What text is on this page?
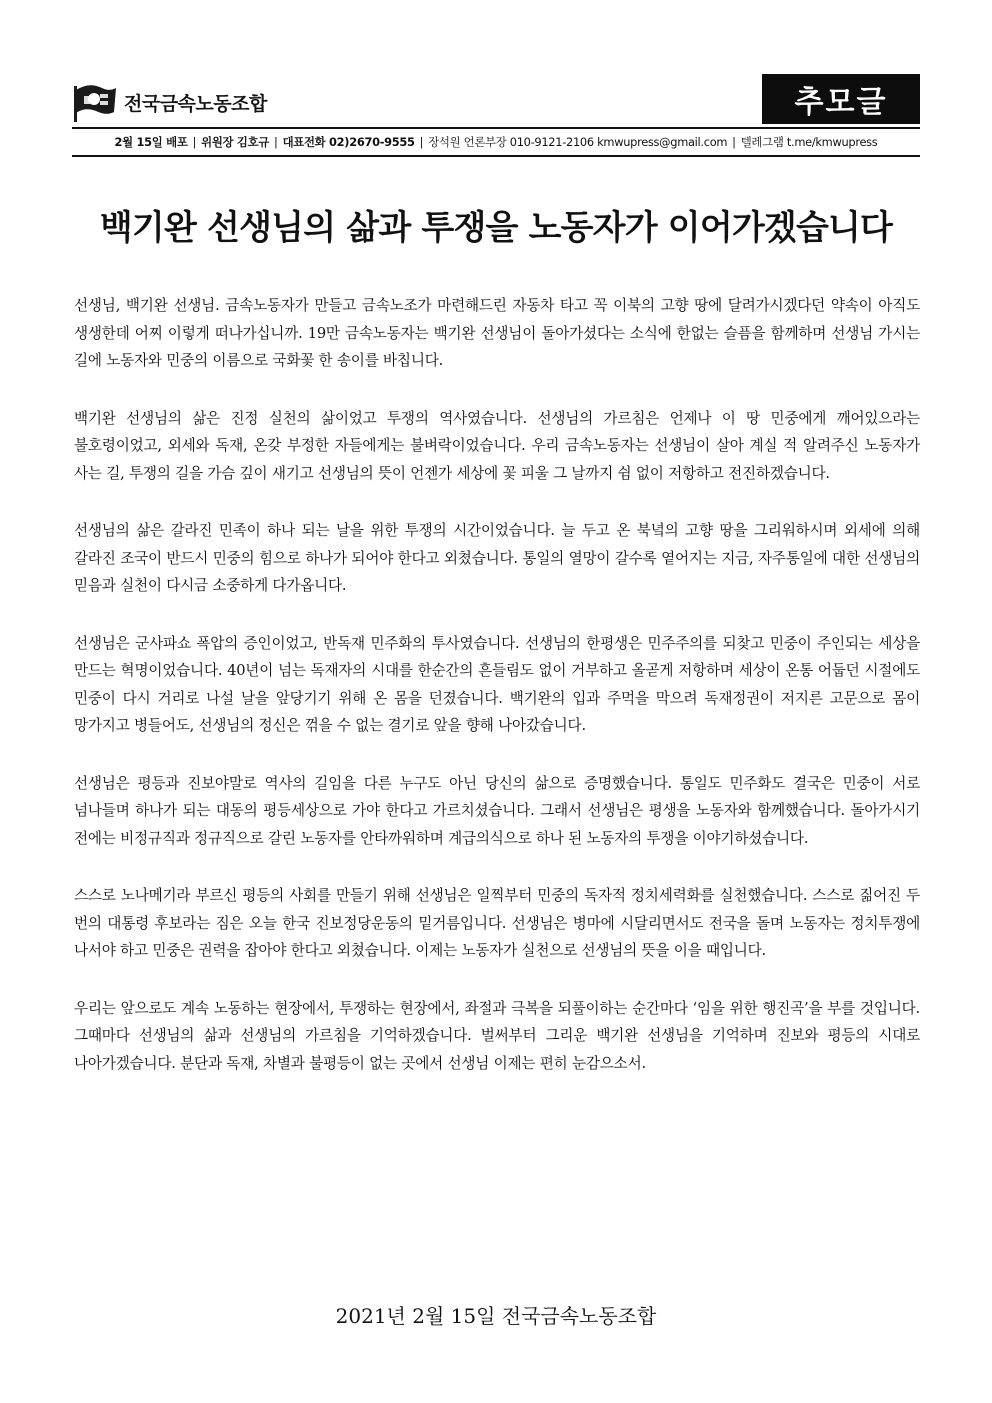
전국금속노동조합	추모글
2월 15일 배포 | 위원장 김호규 | 대표전화 02)2670-9555 | 장석원 언론부장 010-9121-2106 kmwupress@gmail.com | 텔레그램 t.me/kmwupress
백기완 선생님의 삶과 투쟁을 노동자가 이어가겠습니다

선생님, 백기완 선생님. 금속노동자가 만들고 금속노조가 마련해드린 자동차 타고 꼭 이북의 고향 땅에 달려가시겠다던 약속이 아직도 생생한데 어찌 이렇게 떠나가십니까. 19만 금속노동자는 백기완 선생님이 돌아가셨다는 소식에 한없는 슬픔을 함께하며 선생님 가시는 길에 노동자와 민중의 이름으로 국화꽃 한 송이를 바칩니다.

백기완 선생님의 삶은 진정 실천의 삶이었고 투쟁의 역사였습니다. 선생님의 가르침은 언제나 이 땅 민중에게 깨어있으라는 불호령이었고, 외세와 독재, 온갖 부정한 자들에게는 불벼락이었습니다. 우리 금속노동자는 선생님이 살아 계실 적 알려주신 노동자가 사는 길, 투쟁의 길을 가슴 깊이 새기고 선생님의 뜻이 언젠가 세상에 꽃 피울 그 날까지 쉼 없이 저항하고 전진하겠습니다.

선생님의 삶은 갈라진 민족이 하나 되는 날을 위한 투쟁의 시간이었습니다. 늘 두고 온 북녘의 고향 땅을 그리워하시며 외세에 의해 갈라진 조국이 반드시 민중의 힘으로 하나가 되어야 한다고 외쳤습니다. 통일의 열망이 갈수록 옅어지는 지금, 자주통일에 대한 선생님의 믿음과 실천이 다시금 소중하게 다가옵니다.

선생님은 군사파쇼 폭압의 증인이었고, 반독재 민주화의 투사였습니다. 선생님의 한평생은 민주주의를 되찾고 민중이 주인되는 세상을 만드는 혁명이었습니다. 40년이 넘는 독재자의 시대를 한순간의 흔들림도 없이 거부하고 올곧게 저항하며 세상이 온통 어둡던 시절에도 민중이 다시 거리로 나설 날을 앞당기기 위해 온 몸을 던졌습니다. 백기완의 입과 주먹을 막으려 독재정권이 저지른 고문으로 몸이 망가지고 병들어도, 선생님의 정신은 꺾을 수 없는 결기로 앞을 향해 나아갔습니다.

선생님은 평등과 진보야말로 역사의 길임을 다른 누구도 아닌 당신의 삶으로 증명했습니다. 통일도 민주화도 결국은 민중이 서로 넘나들며 하나가 되는 대동의 평등세상으로 가야 한다고 가르치셨습니다. 그래서 선생님은 평생을 노동자와 함께했습니다. 돌아가시기 전에는 비정규직과 정규직으로 갈린 노동자를 안타까워하며 계급의식으로 하나 된 노동자의 투쟁을 이야기하셨습니다.

스스로 노나메기라 부르신 평등의 사회를 만들기 위해 선생님은 일찍부터 민중의 독자적 정치세력화를 실천했습니다. 스스로 짊어진 두 번의 대통령 후보라는 짐은 오늘 한국 진보정당운동의 밑거름입니다. 선생님은 병마에 시달리면서도 전국을 돌며 노동자는 정치투쟁에 나서야 하고 민중은 권력을 잡아야 한다고 외쳤습니다. 이제는 노동자가 실천으로 선생님의 뜻을 이을 때입니다.

우리는 앞으로도 계속 노동하는 현장에서, 투쟁하는 현장에서, 좌절과 극복을 되풀이하는 순간마다 ‘임을 위한 행진곡’을 부를 것입니다. 그때마다 선생님의 삶과 선생님의 가르침을 기억하겠습니다. 벌써부터 그리운 백기완 선생님을 기억하며 진보와 평등의 시대로 나아가겠습니다. 분단과 독재, 차별과 불평등이 없는 곳에서 선생님 이제는 편히 눈감으소서.

2021년 2월 15일 전국금속노동조합
